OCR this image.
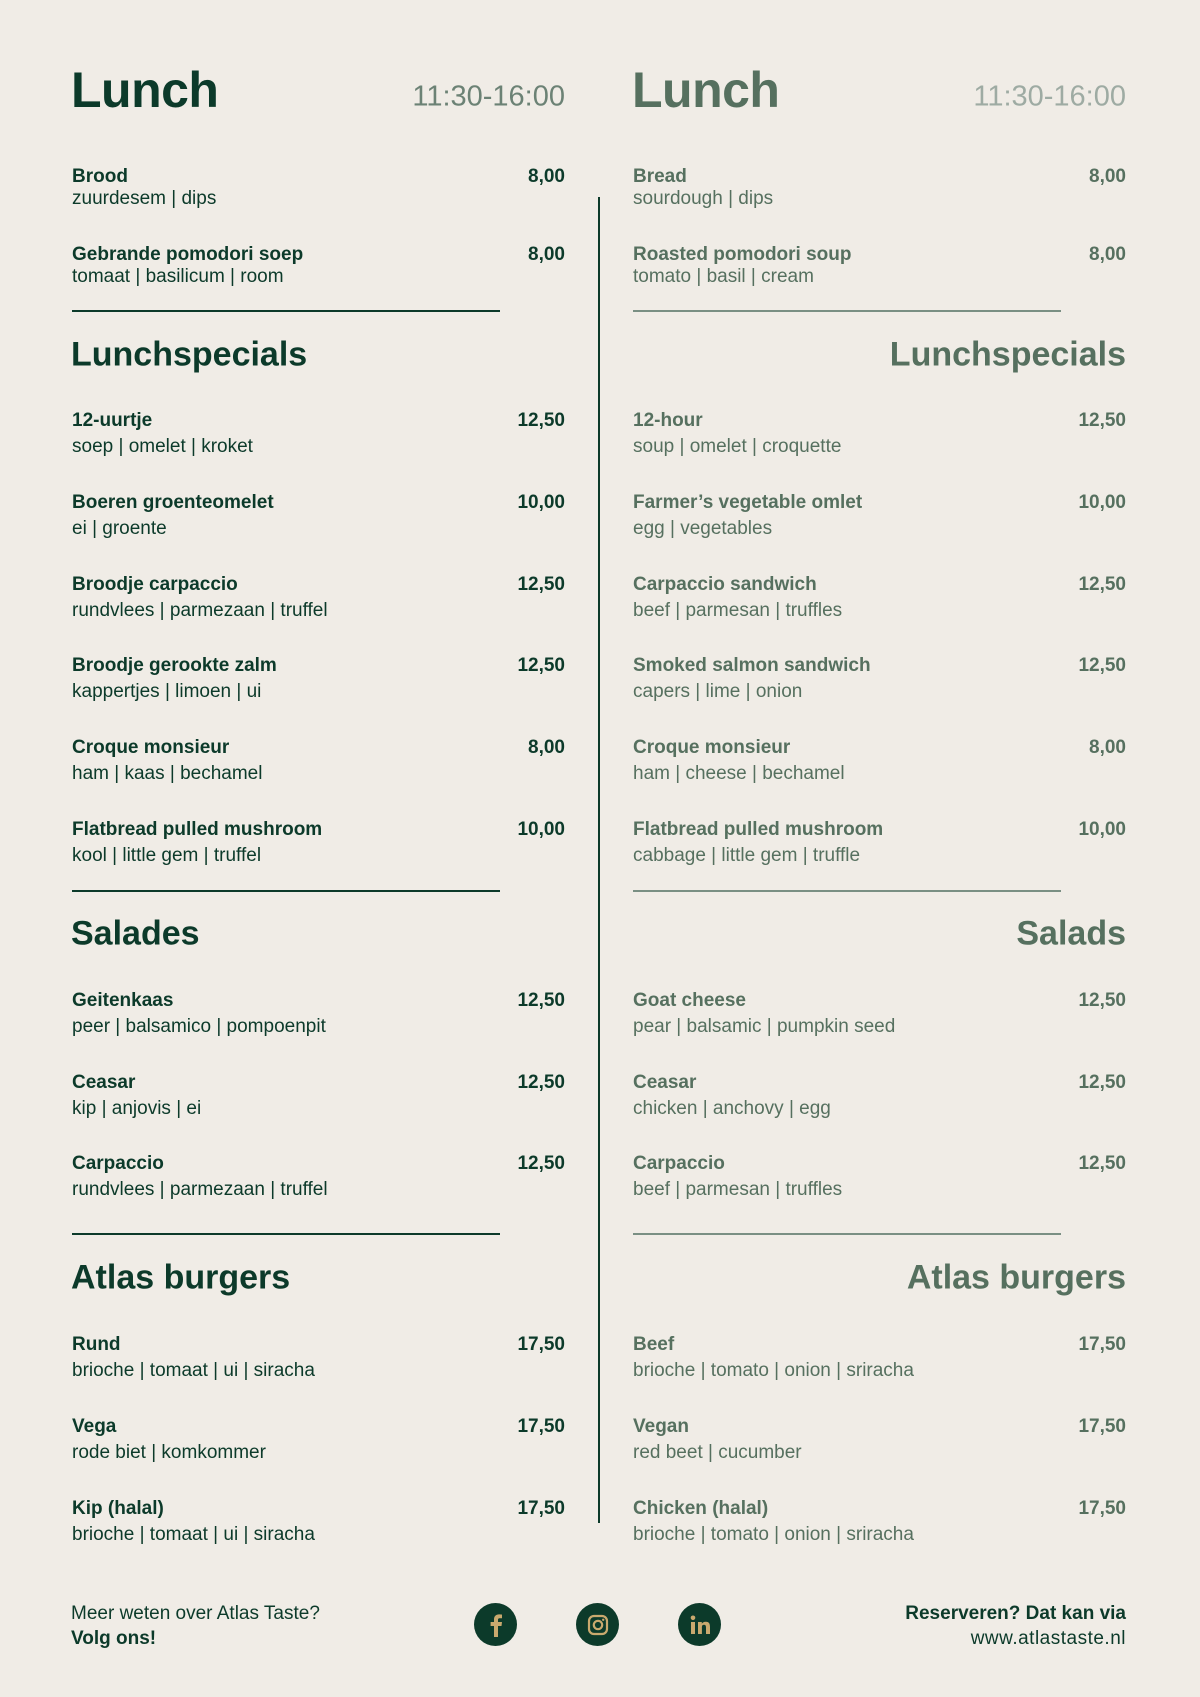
Lunch	11:30-16:00
Brood
zuurdesem | dips
8,00
Gebrande pomodori soep
tomaat | basilicum | room
8,00
Lunchspecials
12-uurtje
soep | omelet | kroket
12,50
Boeren groenteomelet
ei | groente
10,00
Broodje carpaccio
rundvlees | parmezaan | truffel
12,50
Broodje gerookte zalm
kappertjes | limoen | ui
12,50
Croque monsieur
ham | kaas | bechamel
8,00
Flatbread pulled mushroom
kool | little gem | truffel
10,00
Salades
Geitenkaas
peer | balsamico | pompoenpit
12,50
Ceasar
kip | anjovis | ei
12,50
Carpaccio
rundvlees | parmezaan | truffel
12,50
Atlas burgers
Rund
brioche | tomaat | ui | siracha
17,50
Vega
rode biet | komkommer
17,50
Kip (halal)
brioche | tomaat | ui | siracha
17,50
Lunch	11:30-16:00
Bread
sourdough | dips
8,00
Roasted pomodori soup
tomato | basil | cream
8,00
Lunchspecials
12-hour
soup | omelet | croquette
12,50
Farmer’s vegetable omlet
egg | vegetables
10,00
Carpaccio sandwich
beef | parmesan | truffles
12,50
Smoked salmon sandwich
capers | lime | onion
12,50
Croque monsieur
ham | cheese | bechamel
8,00
Flatbread pulled mushroom
cabbage | little gem | truffle
10,00
Salads
Goat cheese
pear | balsamic | pumpkin seed
12,50
Ceasar
chicken | anchovy | egg
12,50
Carpaccio
beef | parmesan | truffles
12,50
Atlas burgers
Beef
brioche | tomato | onion | sriracha
17,50
Vegan
red beet | cucumber
17,50
Chicken (halal)
brioche | tomato | onion | sriracha
17,50
Meer weten over Atlas Taste?
Volg ons!
Reserveren? Dat kan via
www.atlastaste.nl
